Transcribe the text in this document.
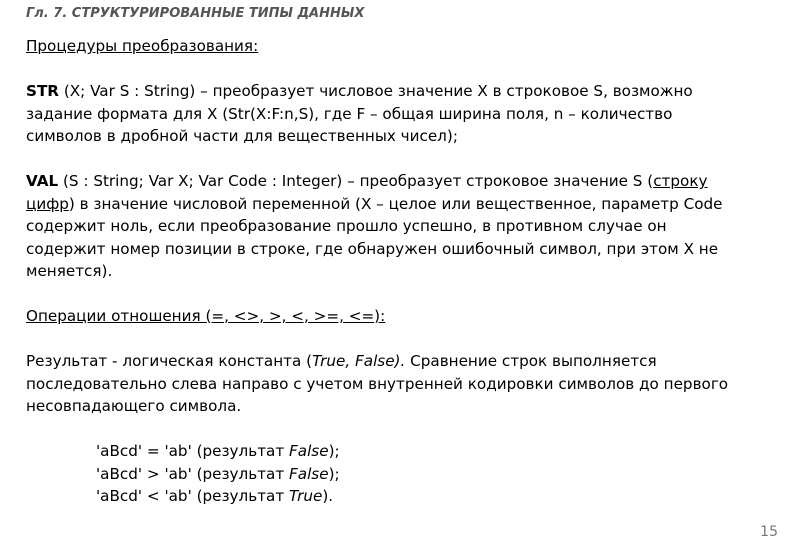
Гл. 7. СТРУКТУРИРОВАННЫЕ ТИПЫ ДАННЫХ
Процедуры преобразования:
STR (X; Var S : String) – преобразует числовое значение X в строковое S, возможно
задание формата для X (Str(X:F:n,S), где F – общая ширина поля, n – количество
символов в дробной части для вещественных чисел);
VAL (S : String; Var X; Var Code : Integer) – преобразует строковое значение S (строку
цифр) в значение числовой переменной (X – целое или вещественное, параметр Code
содержит ноль, если преобразование прошло успешно, в противном случае он
содержит номер позиции в строке, где обнаружен ошибочный символ, при этом X не
меняется).
Операции отношения (=, <>, >, <, >=, <=):
Результат - логическая константа (True, False). Сравнение строк выполняется
последовательно слева направо с учетом внутренней кодировки символов до первого
несовпадающего символа.
'aBcd' = 'ab' (результат False);
'aBcd' > 'ab' (результат False);
'aBcd' < 'ab' (результат True).
15
